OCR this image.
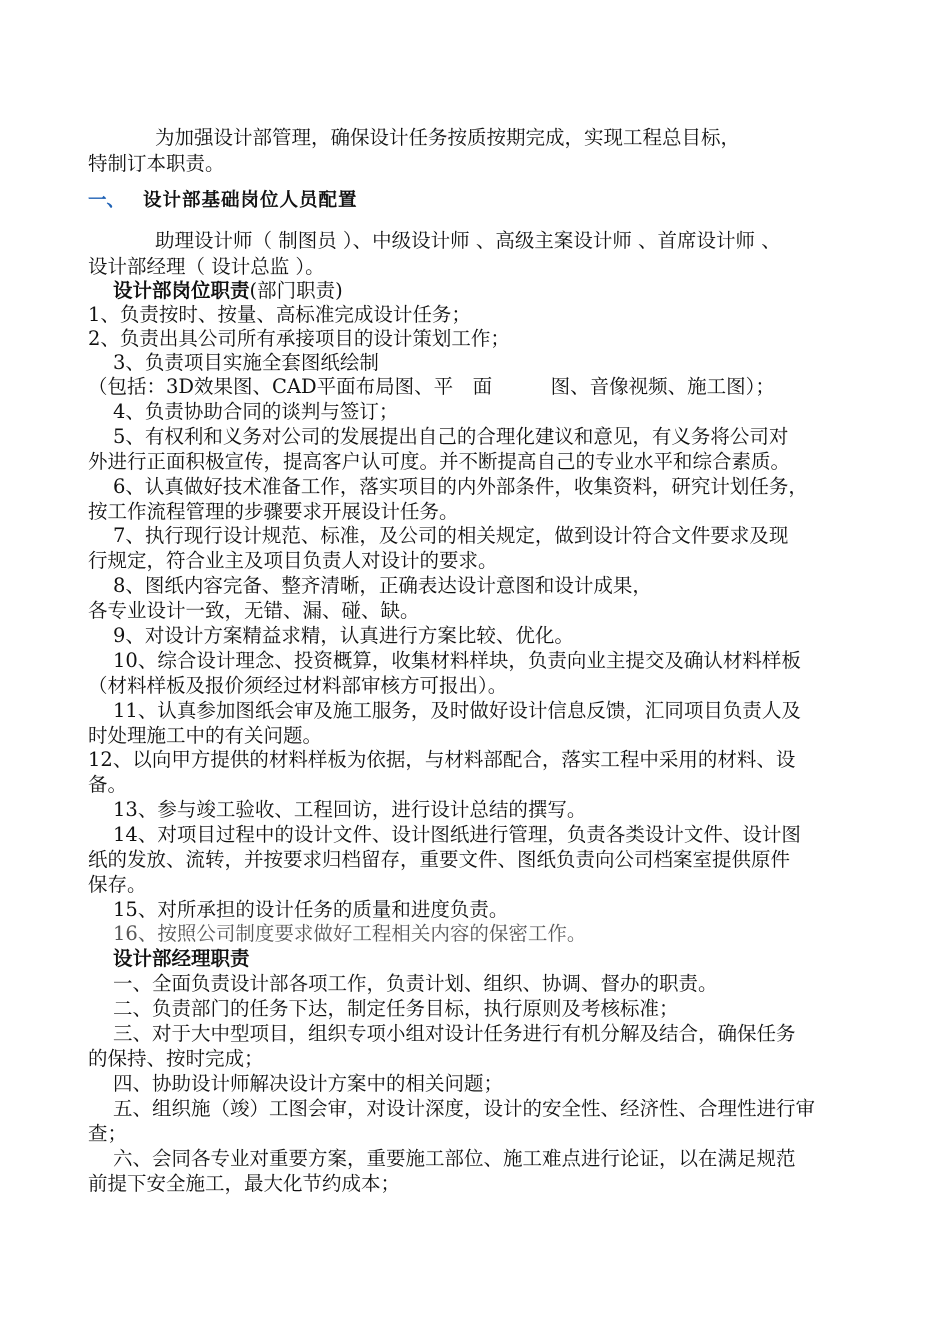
为加强设计部管理，确保设计任务按质按期完成，实现工程总目标，
特制订本职责。
一、 设计部基础岗位人员配置
助理设计师（ 制图员 ）、中级设计师 、高级主案设计师 、首席设计师 、
设计部经理（ 设计总监 ）。
设计部岗位职责(部门职责)
1、负责按时、按量、高标准完成设计任务；
2、负责出具公司所有承接项目的设计策划工作；
3、负责项目实施全套图纸绘制
（包括：3D效果图、CAD平面布局图、平　面　　　图、音像视频、施工图）；
4、负责协助合同的谈判与签订；
5、有权利和义务对公司的发展提出自己的合理化建议和意见，有义务将公司对
外进行正面积极宣传，提高客户认可度。并不断提高自己的专业水平和综合素质。
6、认真做好技术准备工作，落实项目的内外部条件，收集资料，研究计划任务，
按工作流程管理的步骤要求开展设计任务。
7、执行现行设计规范、标准，及公司的相关规定，做到设计符合文件要求及现
行规定，符合业主及项目负责人对设计的要求。
8、图纸内容完备、整齐清晰，正确表达设计意图和设计成果，
各专业设计一致，无错、漏、碰、缺。
9、对设计方案精益求精，认真进行方案比较、优化。
10、综合设计理念、投资概算，收集材料样块，负责向业主提交及确认材料样板
（材料样板及报价须经过材料部审核方可报出）。
11、认真参加图纸会审及施工服务，及时做好设计信息反馈，汇同项目负责人及
时处理施工中的有关问题。
12、以向甲方提供的材料样板为依据，与材料部配合，落实工程中采用的材料、设
备。
13、参与竣工验收、工程回访，进行设计总结的撰写。
14、对项目过程中的设计文件、设计图纸进行管理，负责各类设计文件、设计图
纸的发放、流转，并按要求归档留存，重要文件、图纸负责向公司档案室提供原件
保存。
15、对所承担的设计任务的质量和进度负责。
16、按照公司制度要求做好工程相关内容的保密工作。
设计部经理职责
一、全面负责设计部各项工作，负责计划、组织、协调、督办的职责。
二、负责部门的任务下达，制定任务目标，执行原则及考核标准；
三、对于大中型项目，组织专项小组对设计任务进行有机分解及结合，确保任务
的保持、按时完成；
四、协助设计师解决设计方案中的相关问题；
五、组织施（竣）工图会审，对设计深度，设计的安全性、经济性、合理性进行审
查；
六、会同各专业对重要方案，重要施工部位、施工难点进行论证，以在满足规范
前提下安全施工，最大化节约成本；
